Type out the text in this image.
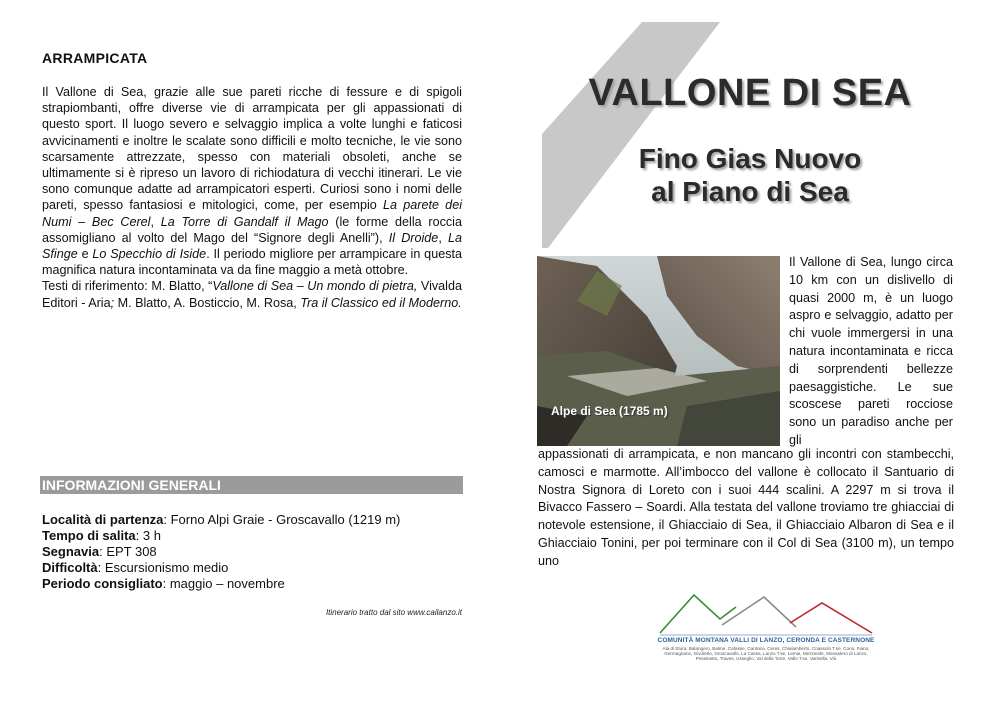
ARRAMPICATA

Il Vallone di Sea, grazie alle sue pareti ricche di fessure e di spigoli strapiombanti, offre diverse vie di arrampicata per gli appassionati di questo sport. Il luogo severo e selvaggio implica a volte lunghi e faticosi avvicinamenti e inoltre le scalate sono difficili e molto tecniche, le vie sono scarsamente attrezzate, spesso con materiali obsoleti, anche se ultimamente si è ripreso un lavoro di richiodatura di vecchi itinerari. Le vie sono comunque adatte ad arrampicatori esperti. Curiosi sono i nomi delle pareti, spesso fantasiosi e mitologici, come, per esempio La parete dei Numi – Bec Cerel, La Torre di Gandalf il Mago (le forme della roccia assomigliano al volto del Mago del “Signore degli Anelli”), Il Droide, La Sfinge e Lo Specchio di Iside. Il periodo migliore per arrampicare in questa magnifica natura incontaminata va da fine maggio a metà ottobre.

Testi di riferimento: M. Blatto, “Vallone di Sea – Un mondo di pietra, Vivalda Editori - Aria; M. Blatto, A. Bosticcio, M. Rosa, Tra il Classico ed il Moderno.

INFORMAZIONI GENERALI
Località di partenza: Forno Alpi Graie - Groscavallo (1219 m)
Tempo di salita: 3 h
Segnavia: EPT 308
Difficoltà: Escursionismo medio
Periodo consigliato: maggio – novembre
Itinerario tratto dal sito www.cailanzo.it
VALLONE DI SEA
Fino Gias Nuovo
al Piano di Sea
Alpe di Sea (1785 m)
Il Vallone di Sea, lungo circa 10 km con un dislivello di quasi 2000 m, è un luogo aspro e selvaggio, adatto per chi vuole immergersi in una natura incontaminata e ricca di sorprendenti bellezze paesaggistiche. Le sue scoscese pareti rocciose sono un paradiso anche per gli
appassionati di arrampicata, e non mancano gli incontri con stambecchi, camosci e marmotte. All’imbocco del vallone è collocato il Santuario di Nostra Signora di Loreto con i suoi 444 scalini. A 2297 m si trova il Bivacco Fassero – Soardi. Alla testata del vallone troviamo tre ghiacciai di notevole estensione, il Ghiacciaio di Sea, il Ghiacciaio Albaron di Sea e il Ghiacciaio Tonini, per poi terminare con il Col di Sea (3100 m), un tempo uno
COMUNITÀ MONTANA VALLI DI LANZO, CERONDA E CASTERNONE
Ala di Stura, Balangero, Balme, Cafasse, Cantoira, Ceres, Chialamberto, Coassolo T.se, Corio, Fiano, Germagnano, Givoletto, Groscavallo, La Cassa, Lanzo T.se, Lemie, Mezzenile, Monastero di Lanzo, Pessinetto, Traves, Usseglio, Val della Torre, Vallo T.se, Varisella, Viù
